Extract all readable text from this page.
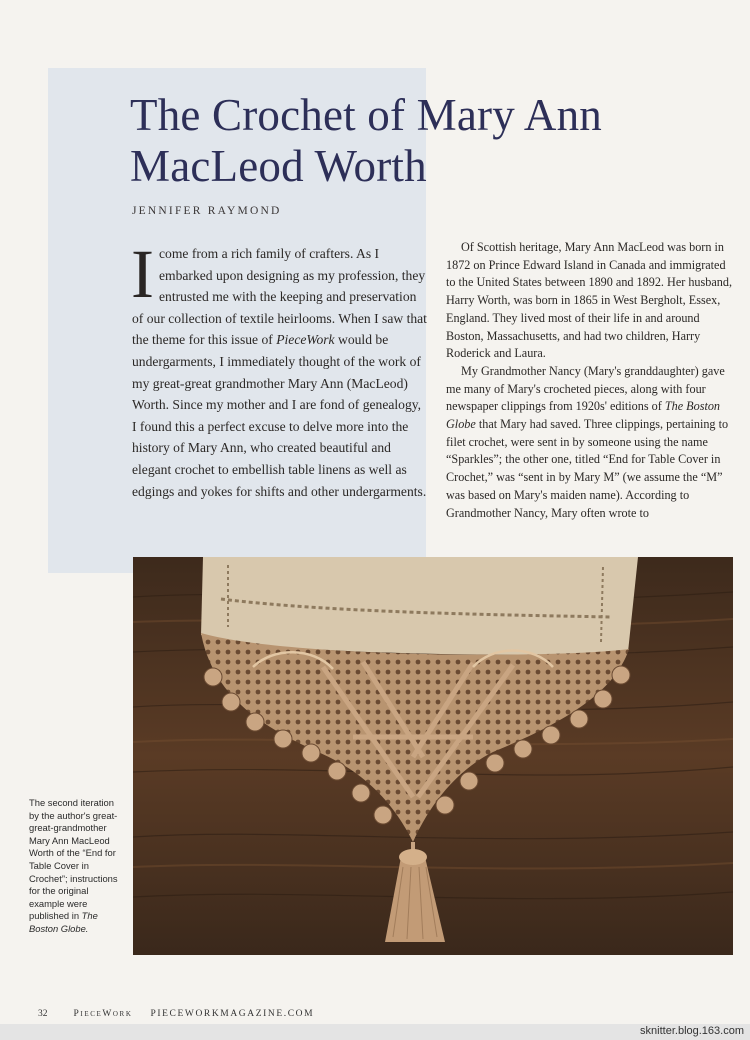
The Crochet of Mary Ann MacLeod Worth
JENNIFER RAYMOND
I come from a rich family of crafters. As I embarked upon designing as my profession, they entrusted me with the keeping and preservation of our collection of textile heirlooms. When I saw that the theme for this issue of PieceWork would be undergarments, I immediately thought of the work of my great-great grandmother Mary Ann (MacLeod) Worth. Since my mother and I are fond of genealogy, I found this a perfect excuse to delve more into the history of Mary Ann, who created beautiful and elegant crochet to embellish table linens as well as edgings and yokes for shifts and other undergarments.

Of Scottish heritage, Mary Ann MacLeod was born in 1872 on Prince Edward Island in Canada and immigrated to the United States between 1890 and 1892. Her husband, Harry Worth, was born in 1865 in West Bergholt, Essex, England. They lived most of their life in and around Boston, Massachusetts, and had two children, Harry Roderick and Laura.

My Grandmother Nancy (Mary's granddaughter) gave me many of Mary's crocheted pieces, along with four newspaper clippings from 1920s' editions of The Boston Globe that Mary had saved. Three clippings, pertaining to filet crochet, were sent in by someone using the name “Sparkles”; the other one, titled “End for Table Cover in Crochet,” was “sent in by Mary M” (we assume the “M” was based on Mary's maiden name). According to Grandmother Nancy, Mary often wrote to

The second iteration by the author's great-great-grandmother Mary Ann MacLeod Worth of the “End for Table Cover in Crochet”; instructions for the original example were published in The Boston Globe.
32	PieceWork PIECEWORKMAGAZINE.COM
sknitter.blog.163.com
